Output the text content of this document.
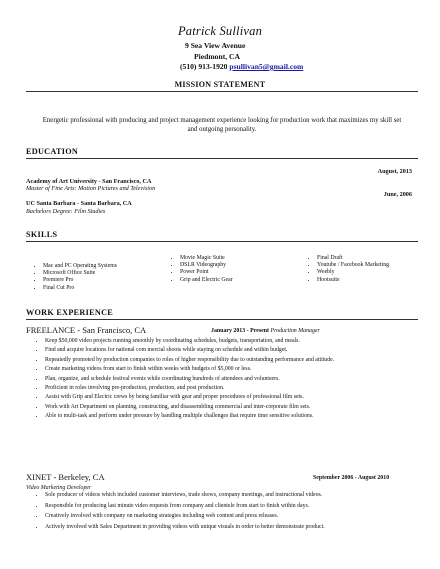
Patrick Sullivan
9 Sea View Avenue
Piedmont, CA
(510) 913-1920 psullivan5@gmail.com
MISSION STATEMENT
Energetic professional with producing and project management experience looking for production work that maximizes my skill set and outgoing personality.
EDUCATION
August, 2013
Academy of Art University - San Francisco, CA
Master of Fine Arts: Motion Pictures and Television
June, 2006
UC Santa Barbara - Santa Barbara, CA
Bachelors Degree: Film Studies
SKILLS
• Mac and PC Operating Systems
• Microsoft Office Suite
• Premiere Pro
• Final Cut Pro
• Movie Magic Suite
• DSLR Videography
• Power Point
• Grip and Electric Gear
• Final Draft
• Youtube / Facebook Marketing
• Weebly
• Hootsuite
WORK EXPERIENCE
FREELANCE - San Francisco, CA	January 2013 - Present Production Manager
• Keep $50,000 video projects running smoothly by coordinating schedules, budgets, transportation, and meals.
• Find and acquire locations for national com mercial shoots while staying on schedule and within budget.
• Repeatedly promoted by production companies to roles of higher responsibility due to outstanding performance and attitude.
• Create marketing videos from start to finish within weeks with budgets of $5,000 or less.
• Plan, organize, and schedule festival events while coordinating hundreds of attendees and volunteers.
• Proficient in roles involving pre-production, production, and post production.
• Assist with Grip and Electric crews by being familiar with gear and proper procedures of professional film sets.
• Work with Art Department on planning, constructing, and disassembling commercial and inter-corporate film sets.
• Able to multi-task and perform under pressure by handling multiple challenges that require time sensitive solutions.
XINET - Berkeley, CA	September 2006 - August 2010
Video Marketing Developer
• Sole producer of videos which included customer interviews, trade shows, company meetings, and instructional videos.
• Responsible for producing last minute video requests from company and clientele from start to finish within days.
• Creatively involved with company on marketing strategies including web content and press releases.
• Actively involved with Sales Department in providing videos with unique visuals in order to better demonstrate product.
